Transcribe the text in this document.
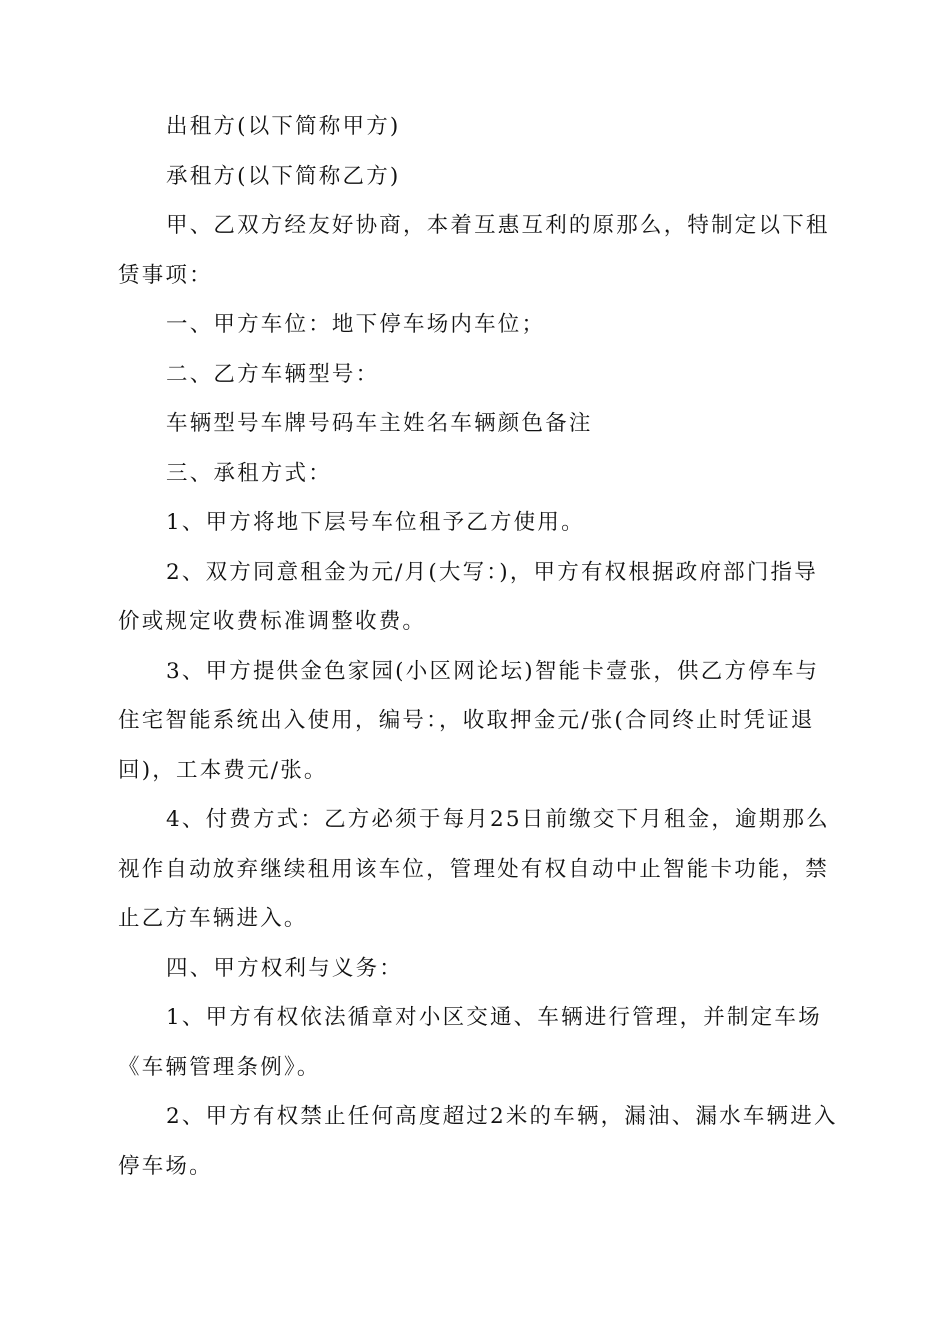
出租方(以下简称甲方)

承租方(以下简称乙方)

甲、乙双方经友好协商，本着互惠互利的原那么，特制定以下租赁事项：

一、甲方车位：地下停车场内车位；

二、乙方车辆型号：

车辆型号车牌号码车主姓名车辆颜色备注

三、承租方式：

1、甲方将地下层号车位租予乙方使用。

2、双方同意租金为元/月(大写：)，甲方有权根据政府部门指导价或规定收费标准调整收费。

3、甲方提供金色家园(小区网论坛)智能卡壹张，供乙方停车与住宅智能系统出入使用，编号：，收取押金元/张(合同终止时凭证退回)，工本费元/张。

4、付费方式：乙方必须于每月25日前缴交下月租金，逾期那么视作自动放弃继续租用该车位，管理处有权自动中止智能卡功能，禁止乙方车辆进入。

四、甲方权利与义务：

1、甲方有权依法循章对小区交通、车辆进行管理，并制定车场《车辆管理条例》。

2、甲方有权禁止任何高度超过2米的车辆，漏油、漏水车辆进入停车场。
